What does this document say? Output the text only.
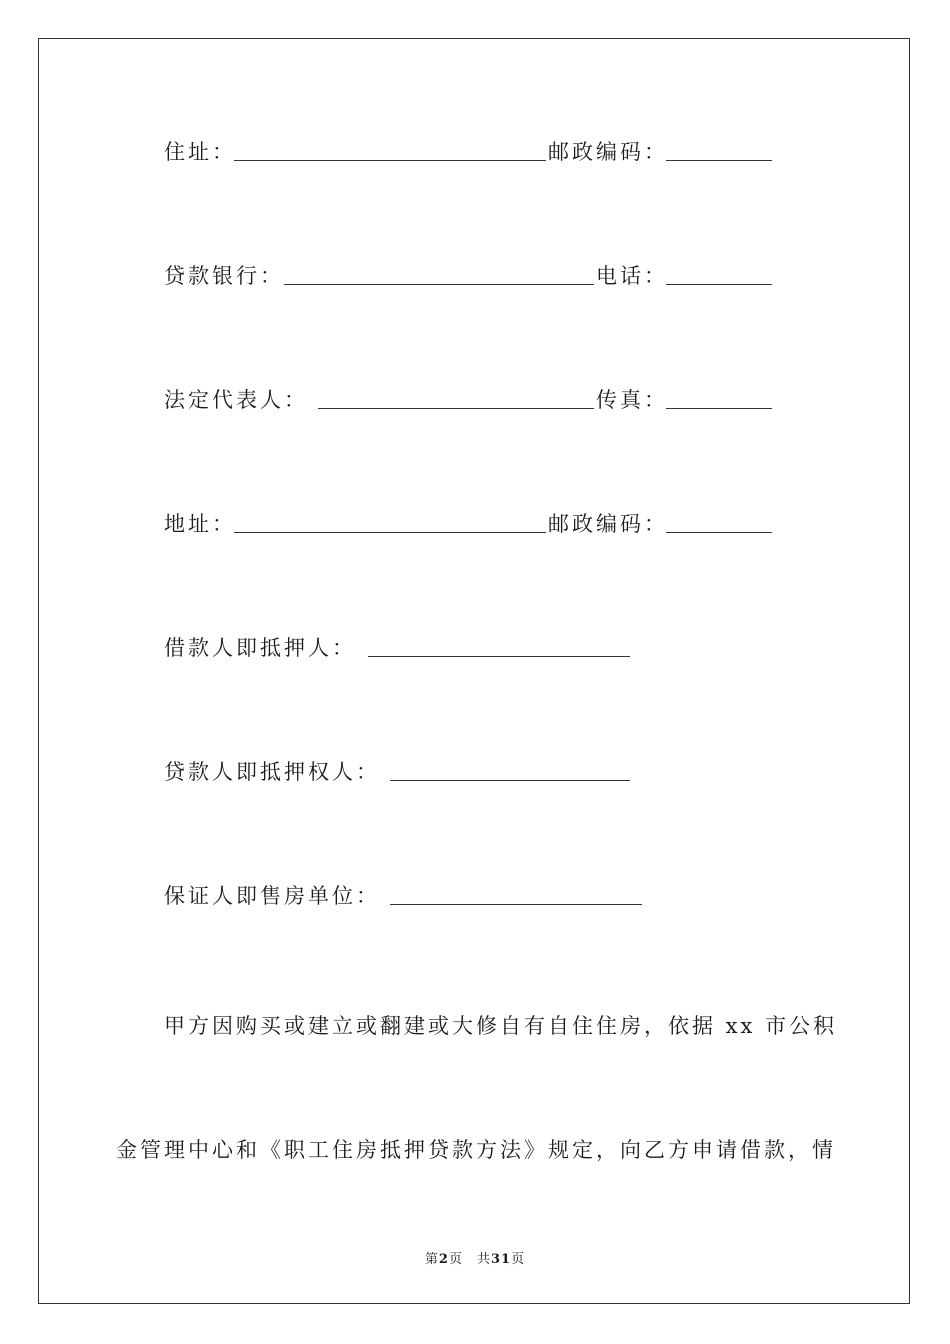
住址：	邮政编码：
贷款银行：	电话：
法定代表人：	传真：
地址：	邮政编码：
借款人即抵押人：
贷款人即抵押权人：
保证人即售房单位：
甲方因购买或建立或翻建或大修自有自住住房，依据 xx 市公积
金管理中心和《职工住房抵押贷款方法》规定，向乙方申请借款，情
第2页　共31页
